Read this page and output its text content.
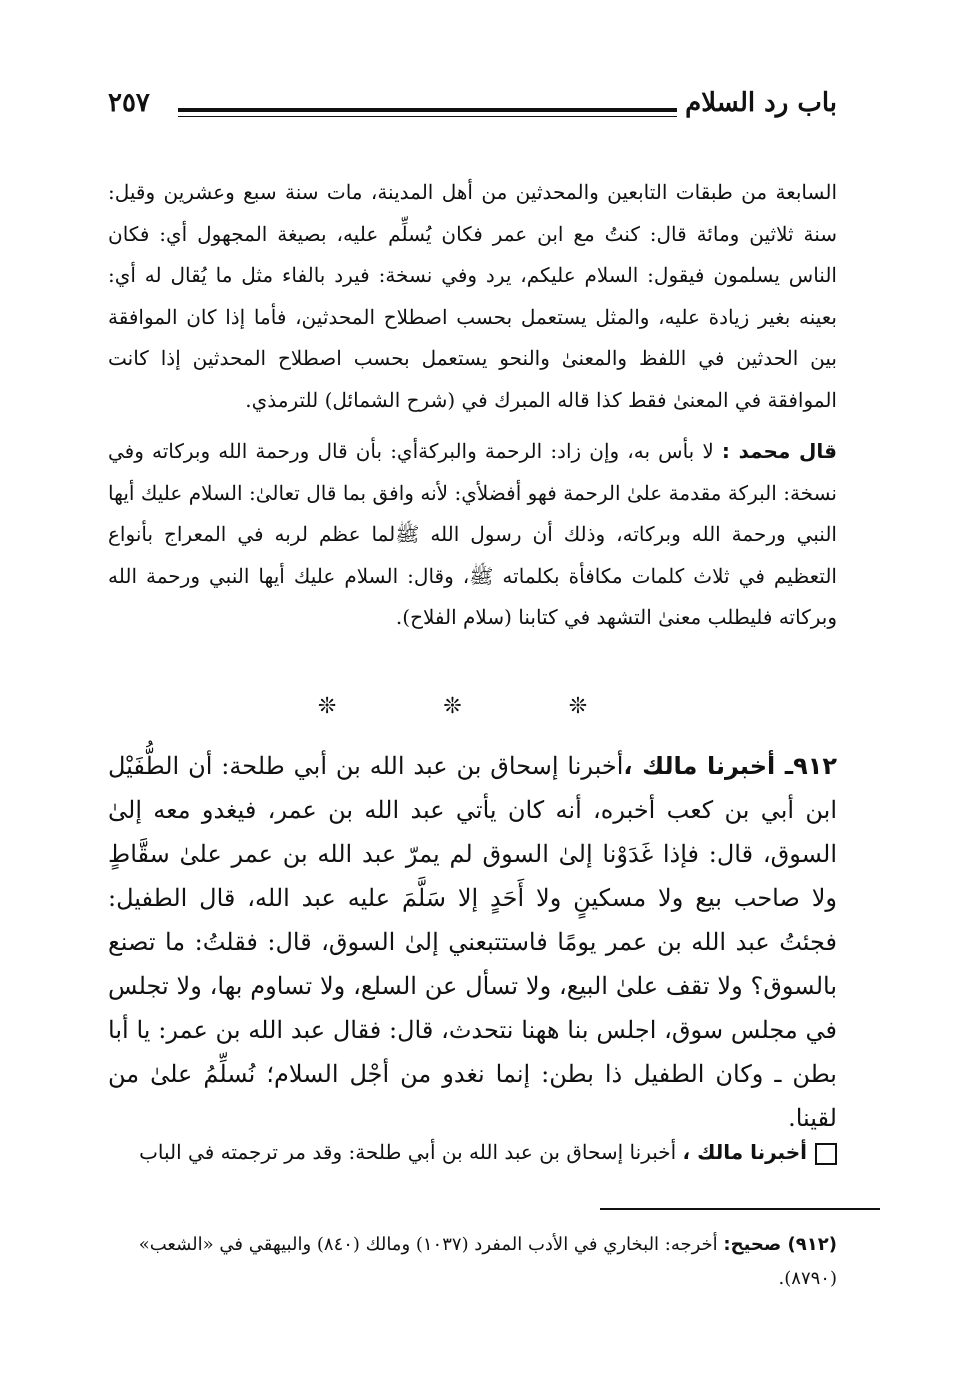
باب رد السلام
٢٥٧

السابعة من طبقات التابعين والمحدثين من أهل المدينة، مات سنة سبع وعشرين وقيل: سنة ثلاثين ومائة قال: كنتُ مع ابن عمر فكان يُسلِّم عليه، بصيغة المجهول أي: فكان الناس يسلمون فيقول: السلام عليكم، يرد وفي نسخة: فيرد بالفاء مثل ما يُقال له أي: بعينه بغير زيادة عليه، والمثل يستعمل بحسب اصطلاح المحدثين، فأما إذا كان الموافقة بين الحدثين في اللفظ والمعنىٰ والنحو يستعمل بحسب اصطلاح المحدثين إذا كانت الموافقة في المعنىٰ فقط كذا قاله المبرك في (شرح الشمائل) للترمذي.

قال محمد : لا بأس به، وإن زاد: الرحمة والبركةأي: بأن قال ورحمة الله وبركاته وفي نسخة: البركة مقدمة علىٰ الرحمة فهو أفضلأي: لأنه وافق بما قال تعالىٰ: السلام عليك أيها النبي ورحمة الله وبركاته، وذلك أن رسول الله ﷺلما عظم لربه في المعراج بأنواع التعظيم في ثلاث كلمات مكافأة بكلماته ﷺ، وقال: السلام عليك أيها النبي ورحمة الله وبركاته فليطلب معنىٰ التشهد في كتابنا (سلام الفلاح).

❊ ❊ ❊

٩١٢ـ أخبرنا مالك ،أخبرنا إسحاق بن عبد الله بن أبي طلحة: أن الطُّفَيْل ابن أبي بن كعب أخبره، أنه كان يأتي عبد الله بن عمر، فيغدو معه إلىٰ السوق، قال: فإذا غَدَوْنا إلىٰ السوق لم يمرّ عبد الله بن عمر علىٰ سقَّاطٍ ولا صاحب بيع ولا مسكينٍ ولا أَحَدٍ إلا سَلَّمَ عليه عبد الله، قال الطفيل: فجئتُ عبد الله بن عمر يومًا فاستتبعني إلىٰ السوق، قال: فقلتُ: ما تصنع بالسوق؟ ولا تقف علىٰ البيع، ولا تسأل عن السلع، ولا تساوم بها، ولا تجلس في مجلس سوق، اجلس بنا ههنا نتحدث، قال: فقال عبد الله بن عمر: يا أبا بطن ـ وكان الطفيل ذا بطن: إنما نغدو من أجْل السلام؛ نُسلِّمُ علىٰ من لقينا.

أخبرنا مالك ، أخبرنا إسحاق بن عبد الله بن أبي طلحة: وقد مر ترجمته في الباب

(٩١٢) صحيح: أخرجه: البخاري في الأدب المفرد (١٠٣٧) ومالك (٨٤٠) والبيهقي في «الشعب» (٨٧٩٠).
